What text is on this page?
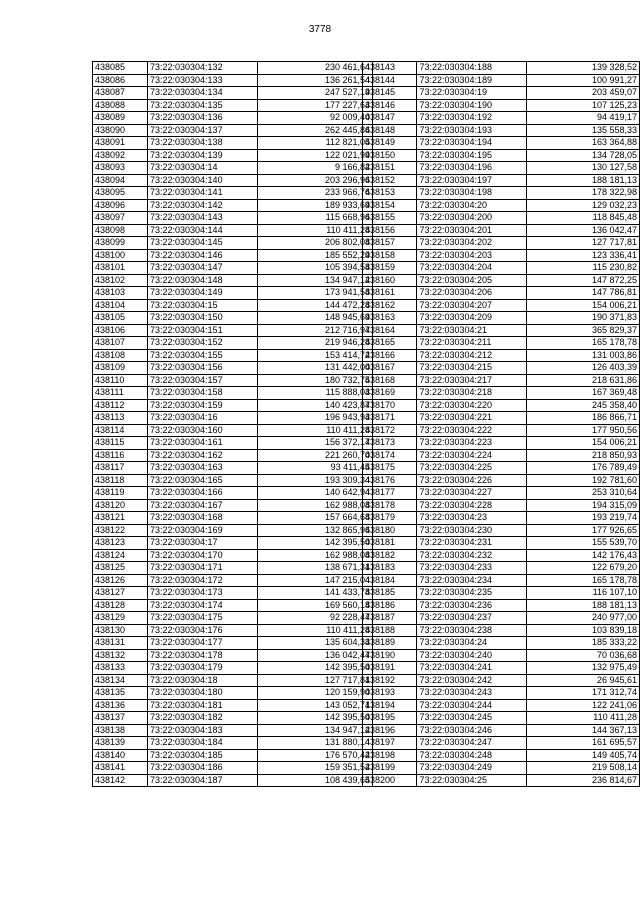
3778
438085	73:22:030304:132	230 461,64
438086	73:22:030304:133	136 261,54
438087	73:22:030304:134	247 527,19
438088	73:22:030304:135	177 227,63
438089	73:22:030304:136	92 009,40
438090	73:22:030304:137	262 445,86
438091	73:22:030304:138	112 821,05
438092	73:22:030304:139	122 021,99
438093	73:22:030304:14	9 166,82
438094	73:22:030304:140	203 296,96
438095	73:22:030304:141	233 966,76
438096	73:22:030304:142	189 933,69
438097	73:22:030304:143	115 668,96
438098	73:22:030304:144	110 411,28
438099	73:22:030304:145	206 802,08
438100	73:22:030304:146	185 552,29
438101	73:22:030304:147	105 394,58
438102	73:22:030304:148	134 947,12
438103	73:22:030304:149	173 941,58
438104	73:22:030304:15	144 472,28
438105	73:22:030304:150	148 945,69
438106	73:22:030304:151	212 716,97
438107	73:22:030304:152	219 946,28
438108	73:22:030304:155	153 414,72
438109	73:22:030304:156	131 442,00
438110	73:22:030304:157	180 732,75
438111	73:22:030304:158	115 888,03
438112	73:22:030304:159	140 423,87
438113	73:22:030304:16	196 943,93
438114	73:22:030304:160	110 411,28
438115	73:22:030304:161	156 372,17
438116	73:22:030304:162	221 260,70
438117	73:22:030304:163	93 411,45
438118	73:22:030304:165	193 309,34
438119	73:22:030304:166	140 642,94
438120	73:22:030304:167	162 988,08
438121	73:22:030304:168	157 664,68
438122	73:22:030304:169	132 865,96
438123	73:22:030304:17	142 395,50
438124	73:22:030304:170	162 988,08
438125	73:22:030304:171	138 671,31
438126	73:22:030304:172	147 215,04
438127	73:22:030304:173	141 433,78
438128	73:22:030304:174	169 560,18
438129	73:22:030304:175	92 228,47
438130	73:22:030304:176	110 411,28
438131	73:22:030304:177	135 604,33
438132	73:22:030304:178	136 042,47
438133	73:22:030304:179	142 395,50
438134	73:22:030304:18	127 717,81
438135	73:22:030304:180	120 159,90
438136	73:22:030304:181	143 052,71
438137	73:22:030304:182	142 395,50
438138	73:22:030304:183	134 947,12
438139	73:22:030304:184	131 880,14
438140	73:22:030304:185	176 570,42
438141	73:22:030304:186	159 351,52
438142	73:22:030304:187	108 439,65
438143	73:22:030304:188	139 328,52
438144	73:22:030304:189	100 991,27
438145	73:22:030304:19	203 459,07
438146	73:22:030304:190	107 125,23
438147	73:22:030304:192	94 419,17
438148	73:22:030304:193	135 558,33
438149	73:22:030304:194	163 364,88
438150	73:22:030304:195	134 728,05
438151	73:22:030304:196	130 127,58
438152	73:22:030304:197	188 181,13
438153	73:22:030304:198	178 322,98
438154	73:22:030304:20	129 032,23
438155	73:22:030304:200	118 845,48
438156	73:22:030304:201	136 042,47
438157	73:22:030304:202	127 717,81
438158	73:22:030304:203	123 336,41
438159	73:22:030304:204	115 230,82
438160	73:22:030304:205	147 872,25
438161	73:22:030304:206	147 786,81
438162	73:22:030304:207	154 006,21
438163	73:22:030304:209	190 371,83
438164	73:22:030304:21	365 829,37
438165	73:22:030304:211	165 178,78
438166	73:22:030304:212	131 003,86
438167	73:22:030304:215	126 403,39
438168	73:22:030304:217	218 631,86
438169	73:22:030304:218	167 369,48
438170	73:22:030304:220	245 358,40
438171	73:22:030304:221	186 866,71
438172	73:22:030304:222	177 950,56
438173	73:22:030304:223	154 006,21
438174	73:22:030304:224	218 850,93
438175	73:22:030304:225	176 789,49
438176	73:22:030304:226	192 781,60
438177	73:22:030304:227	253 310,64
438178	73:22:030304:228	194 315,09
438179	73:22:030304:23	193 219,74
438180	73:22:030304:230	177 926,65
438181	73:22:030304:231	155 539,70
438182	73:22:030304:232	142 176,43
438183	73:22:030304:233	122 679,20
438184	73:22:030304:234	165 178,78
438185	73:22:030304:235	116 107,10
438186	73:22:030304:236	188 181,13
438187	73:22:030304:237	240 977,00
438188	73:22:030304:238	103 839,18
438189	73:22:030304:24	185 333,22
438190	73:22:030304:240	70 036,68
438191	73:22:030304:241	132 975,49
438192	73:22:030304:242	26 945,61
438193	73:22:030304:243	171 312,74
438194	73:22:030304:244	122 241,06
438195	73:22:030304:245	110 411,28
438196	73:22:030304:246	144 367,13
438197	73:22:030304:247	161 695,57
438198	73:22:030304:248	149 405,74
438199	73:22:030304:249	219 508,14
438200	73:22:030304:25	236 814,67
